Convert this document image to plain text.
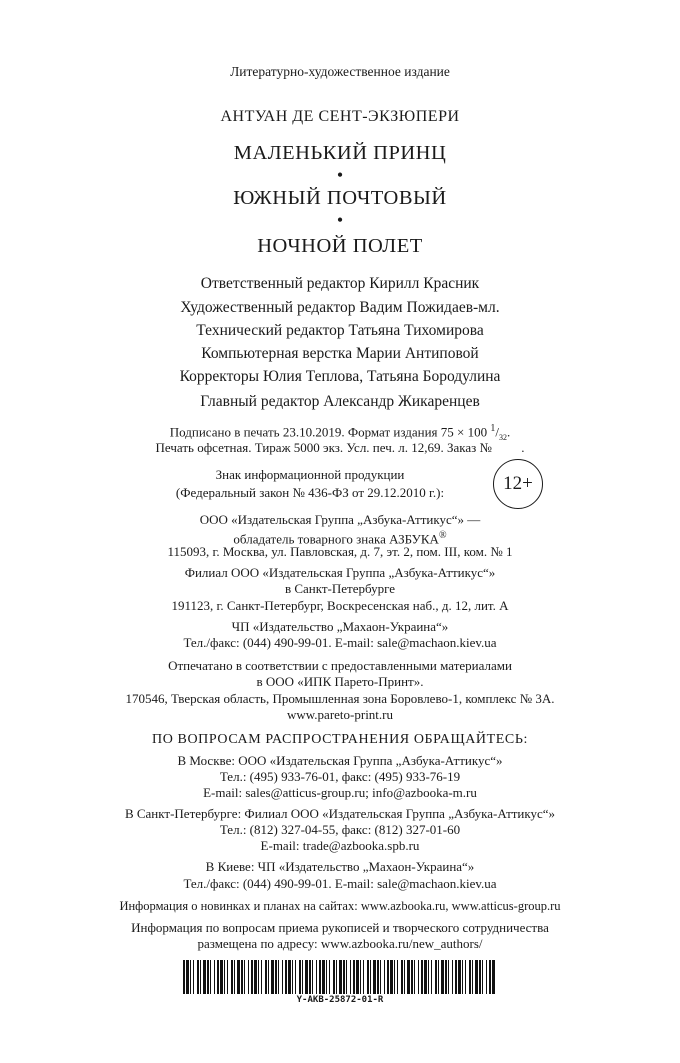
Литературно-художественное издание
АНТУАН ДЕ СЕНТ-ЭКЗЮПЕРИ
МАЛЕНЬКИЙ ПРИНЦ
•
ЮЖНЫЙ ПОЧТОВЫЙ
•
НОЧНОЙ ПОЛЕТ
Ответственный редактор Кирилл Красник
Художественный редактор Вадим Пожидаев-мл.
Технический редактор Татьяна Тихомирова
Компьютерная верстка Марии Антиповой
Корректоры Юлия Теплова, Татьяна Бородулина
Главный редактор Александр Жикаренцев
Подписано в печать 23.10.2019. Формат издания 75 × 100 $^1/_{32}$.
Печать офсетная. Тираж 5000 экз. Усл. печ. л. 12,69. Заказ №         .
Знак информационной продукции
(Федеральный закон № 436-ФЗ от 29.12.2010 г.):	12+
ООО «Издательская Группа „Азбука-Аттикус“» —
обладатель товарного знака АЗБУКА®
115093, г. Москва, ул. Павловская, д. 7, эт. 2, пом. III, ком. № 1
Филиал ООО «Издательская Группа „Азбука-Аттикус“»
в Санкт-Петербурге
191123, г. Санкт-Петербург, Воскресенская наб., д. 12, лит. А
ЧП «Издательство „Махаон-Украина“»
Тел./факс: (044) 490-99-01. E-mail: sale@machaon.kiev.ua
Отпечатано в соответствии с предоставленными материалами
в ООО «ИПК Парето-Принт».
170546, Тверская область, Промышленная зона Боровлево-1, комплекс № 3А.
www.pareto-print.ru
ПО ВОПРОСАМ РАСПРОСТРАНЕНИЯ ОБРАЩАЙТЕСЬ:
В Москве: ООО «Издательская Группа „Азбука-Аттикус“»
Тел.: (495) 933-76-01, факс: (495) 933-76-19
E-mail: sales@atticus-group.ru; info@azbooka-m.ru
В Санкт-Петербурге: Филиал ООО «Издательская Группа „Азбука-Аттикус“»
Тел.: (812) 327-04-55, факс: (812) 327-01-60
E-mail: trade@azbooka.spb.ru
В Киеве: ЧП «Издательство „Махаон-Украина“»
Тел./факс: (044) 490-99-01. E-mail: sale@machaon.kiev.ua
Информация о новинках и планах на сайтах: www.azbooka.ru, www.atticus-group.ru
Информация по вопросам приема рукописей и творческого сотрудничества
размещена по адресу: www.azbooka.ru/new_authors/
Y-AKB-25872-01-R
